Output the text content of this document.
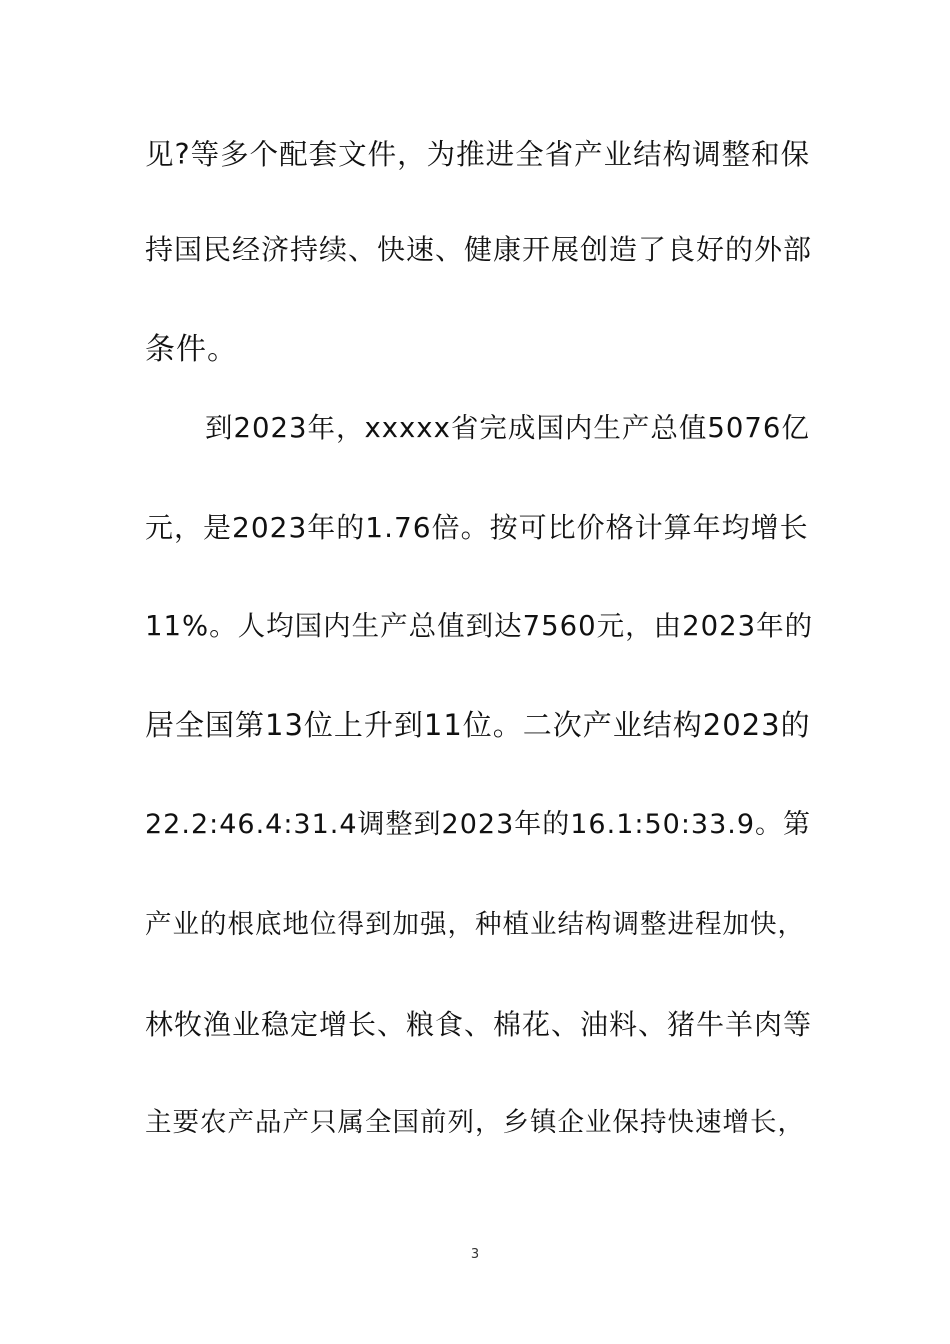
见?等多个配套文件，为推进全省产业结构调整和保
持国民经济持续、快速、健康开展创造了良好的外部
条件。
到2023年，xxxxx省完成国内生产总值5076亿
元，是2023年的1.76倍。按可比价格计算年均增长
11%。人均国内生产总值到达7560元，由2023年的
居全国第13位上升到11位。二次产业结构2023的
22.2:46.4:31.4调整到2023年的16.1:50:33.9。第
产业的根底地位得到加强，种植业结构调整进程加快，
林牧渔业稳定增长、粮食、棉花、油料、猪牛羊肉等
主要农产品产只属全国前列，乡镇企业保持快速增长，
3
